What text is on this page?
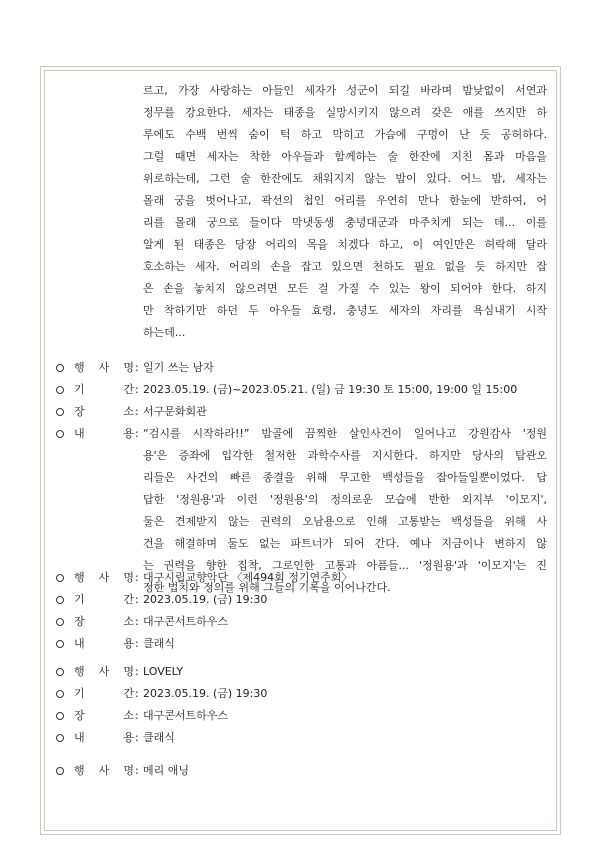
르고, 가장 사랑하는 아들인 세자가 성군이 되길 바라며 밤낮없이 서연과
정무를 강요한다. 세자는 태종을 실망시키지 않으려 갖은 애를 쓰지만 하
루에도 수백 번씩 숨이 턱 하고 막히고 가슴에 구멍이 난 듯 공허하다.
그럴 때면 세자는 착한 아우들과 함께하는 술 한잔에 지친 몸과 마음을
위로하는데, 그런 술 한잔에도 채워지지 않는 밤이 있다. 어느 밤, 세자는
몰래 궁을 벗어나고, 곽선의 첩인 어리를 우연히 만나 한눈에 반하여, 어
리를 몰래 궁으로 들이다 막냇동생 충녕대군과 마주치게 되는 데... 이를
알게 된 태종은 당장 어리의 목을 치겠다 하고, 이 여인만은 허락해 달라
호소하는 세자. 어리의 손을 잡고 있으면 천하도 필요 없을 듯 하지만 잡
은 손을 놓치지 않으려면 모든 걸 가질 수 있는 왕이 되어야 한다. 하지
만 착하기만 하던 두 아우들 효령, 충녕도 세자의 자리를 욕심내기 시작
하는데...
행 사 명 : 일기 쓰는 남자
기	간 : 2023.05.19. (금)~2023.05.21. (일) 금 19:30 토 15:00, 19:00 일 15:00
장	소 : 서구문화회관
내	용 : “검시를 시작하라!!” 밤골에 끔찍한 살인사건이 일어나고 강원감사 '정원
용'은 증좌에 입각한 철저한 과학수사를 지시한다. 하지만 당사의 탐관오
리들은 사건의 빠른 종결을 위해 무고한 백성들을 잡아들일뿐이었다. 답
답한 '정원용'과 이런 '정원용'의 정의로운 모습에 반한 외지부 '이모지',
둘은 견제받지 않는 권력의 오남용으로 인해 고통받는 백성들을 위해 사
건을 해결하며 둘도 없는 파트너가 되어 간다. 예나 지금이나 변하지 않
는 권력을 향한 집착, 그로인한 고통과 아픔들... '정원용'과 '이모지'는 진
정한 법치와 정의를 위해 그들의 기록을 이어나간다.
행 사 명 : 대구시립교향악단 〈제494회 정기연주회〉
기	간 : 2023.05.19. (금) 19:30
장	소 : 대구콘서트하우스
내	용 : 클래식
행 사 명 : LOVELY
기	간 : 2023.05.19. (금) 19:30
장	소 : 대구콘서트하우스
내	용 : 클래식
행 사 명 : 메리 애닝
